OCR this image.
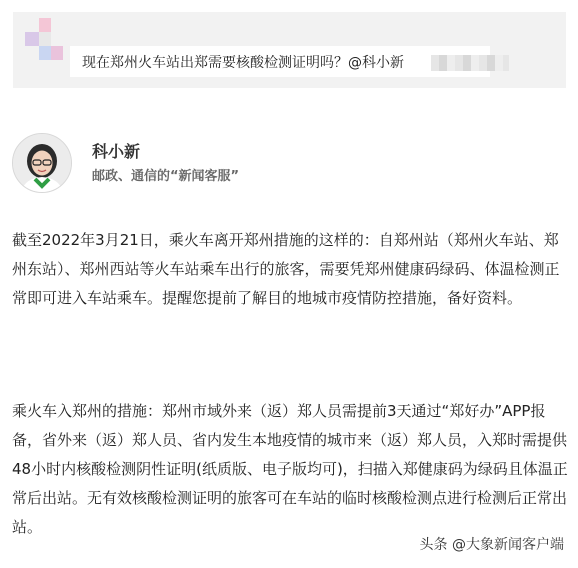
现在郑州火车站出郑需要核酸检测证明吗？@科小新
科小新
邮政、通信的“新闻客服”

截至2022年3月21日，乘火车离开郑州措施的这样的：自郑州站（郑州火车站、郑州东站）、郑州西站等火车站乘车出行的旅客，需要凭郑州健康码绿码、体温检测正常即可进入车站乘车。提醒您提前了解目的地城市疫情防控措施，备好资料。

乘火车入郑州的措施：郑州市域外来（返）郑人员需提前3天通过“郑好办”APP报备，省外来（返）郑人员、省内发生本地疫情的城市来（返）郑人员，入郑时需提供48小时内核酸检测阴性证明(纸质版、电子版均可)，扫描入郑健康码为绿码且体温正常后出站。无有效核酸检测证明的旅客可在车站的临时核酸检测点进行检测后正常出站。

头条 @大象新闻客户端
